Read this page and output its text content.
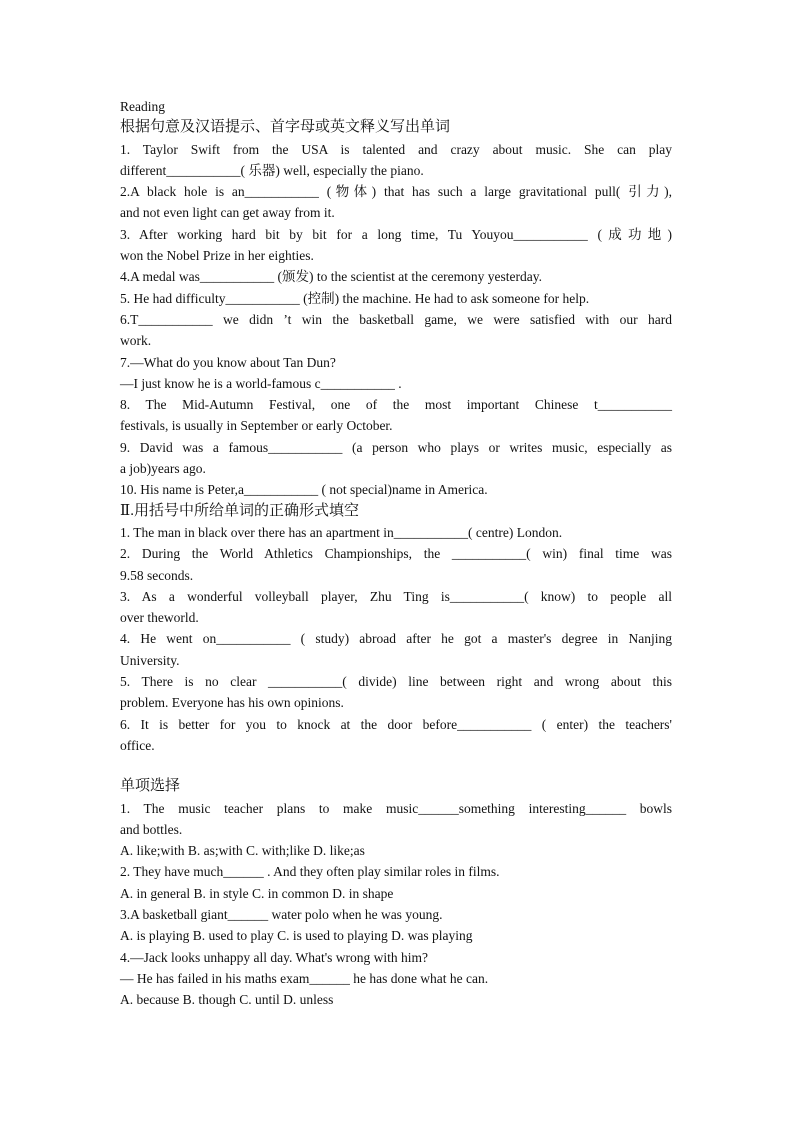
Reading
根据句意及汉语提示、首字母或英文释义写出单词
1. Taylor Swift from the USA is talented and crazy about music. She can play
different___________( 乐器) well, especially the piano.
2.A black hole is an___________ (物体) that has such a large gravitational pull( 引力),
and not even light can get away from it.
3. After working hard bit by bit for a long time, Tu Youyou___________ (成功地)
won the Nobel Prize in her eighties.
4.A medal was___________ (颁发) to the scientist at the ceremony yesterday.
5. He had difficulty___________ (控制) the machine. He had to ask someone for help.
6.T___________ we didn ’t win the basketball game, we were satisfied with our hard
work.
7.—What do you know about Tan Dun?
—I just know he is a world-famous c___________ .
8. The Mid-Autumn Festival, one of the most important Chinese t___________
festivals, is usually in September or early October.
9. David was a famous___________ (a person who plays or writes music, especially as
a job)years ago.
10. His name is Peter,a___________ ( not special)name in America.
Ⅱ.用括号中所给单词的正确形式填空
1. The man in black over there has an apartment in___________( centre) London.
2. During the World Athletics Championships, the ___________( win) final time was
9.58 seconds.
3. As a wonderful volleyball player, Zhu Ting is___________( know) to people all
over theworld.
4. He went on___________ ( study) abroad after he got a master's degree in Nanjing
University.
5. There is no clear ___________( divide) line between right and wrong about this
problem. Everyone has his own opinions.
6. It is better for you to knock at the door before___________ ( enter) the teachers'
office.
单项选择
1. The music teacher plans to make music______something interesting______ bowls
and bottles.
A. like;with B. as;with C. with;like D. like;as
2. They have much______ . And they often play similar roles in films.
A. in general B. in style C. in common D. in shape
3.A basketball giant______ water polo when he was young.
A. is playing B. used to play C. is used to playing D. was playing
4.—Jack looks unhappy all day. What's wrong with him?
— He has failed in his maths exam______ he has done what he can.
A. because B. though C. until D. unless
